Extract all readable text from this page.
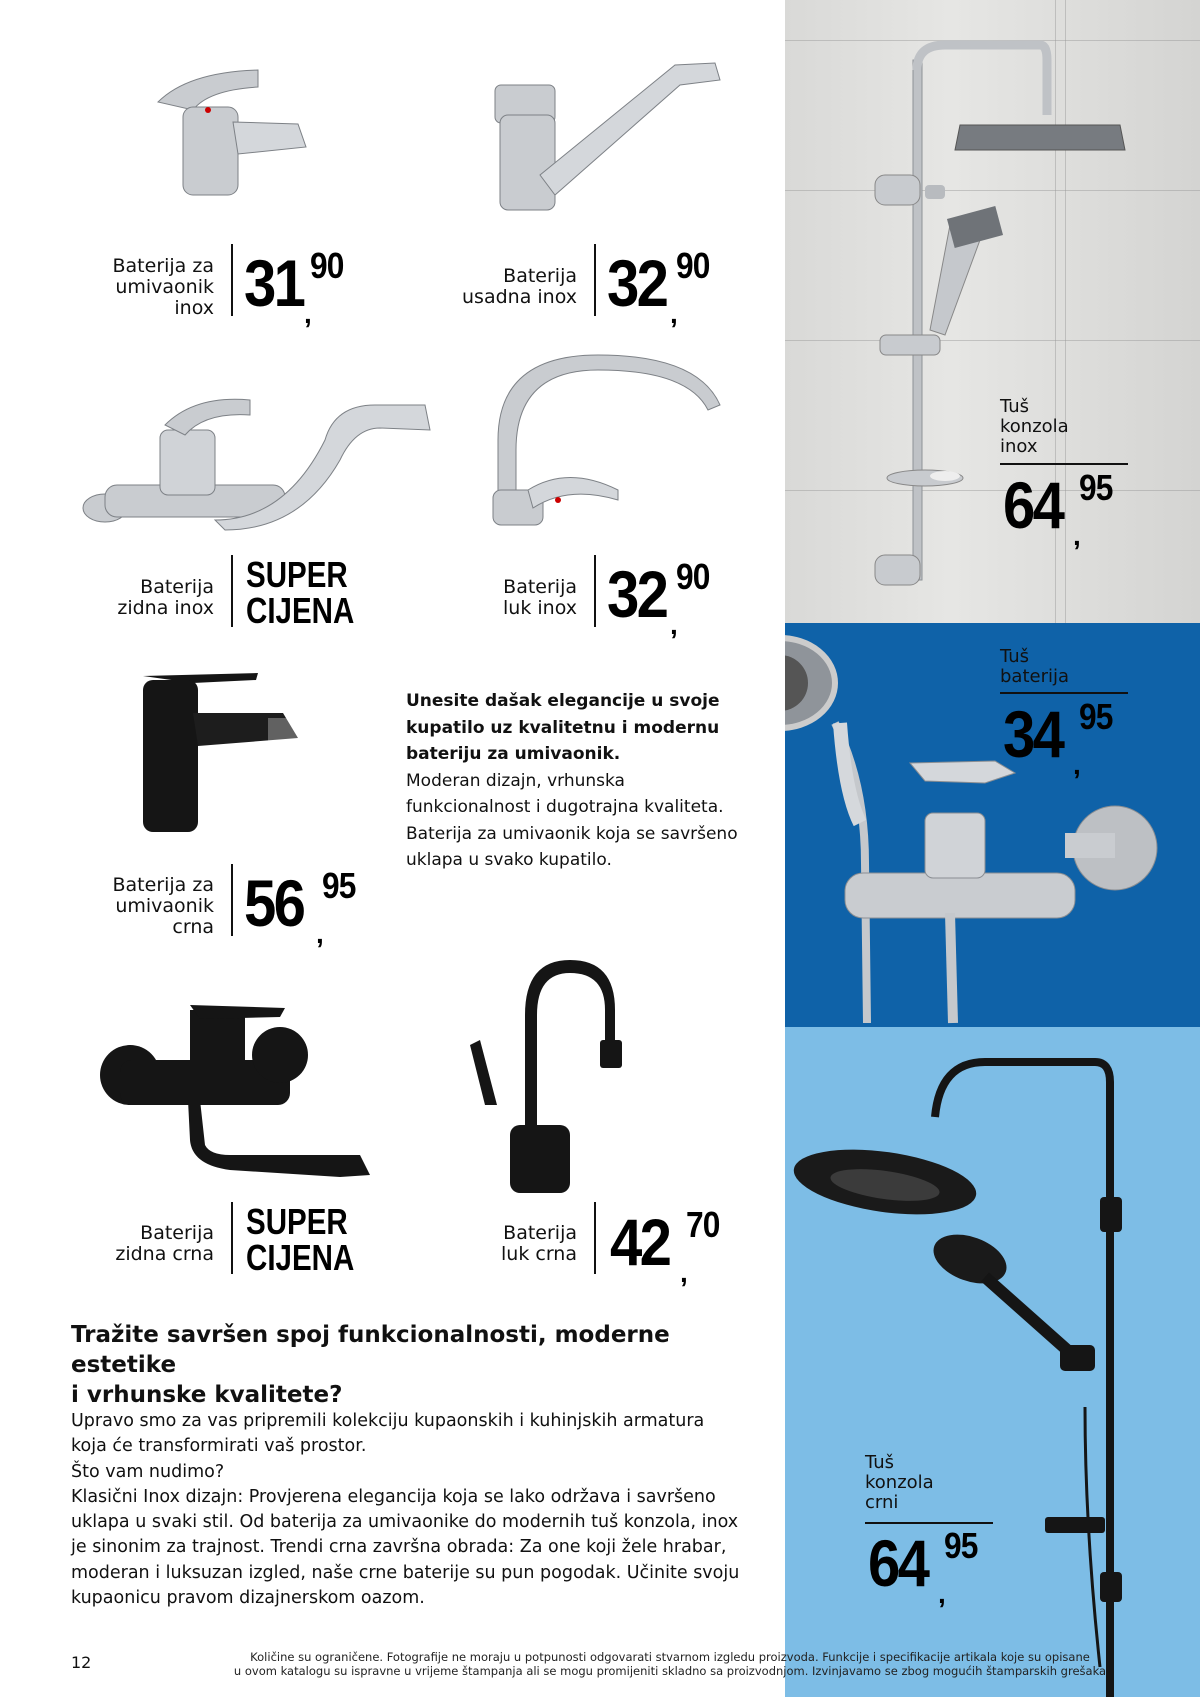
Baterija za
umivaonik
inox 31 90
,
Baterija
usadna inox 32 90
,
Baterija
zidna inox
SUPER
CIJENA
Baterija
luk inox 32 90
,
Baterija za
umivaonik
crna 56 95
,
Baterija
zidna crna
SUPER
CIJENA
Baterija
luk crna 42 70
,
Tuš
konzola
inox
64 95
,
Tuš
baterija
34 95
,
Tuš
konzola
crni
64 95
,
Unesite dašak elegancije u svoje
kupatilo uz kvalitetnu i modernu
bateriju za umivaonik.
Moderan dizajn, vrhunska
funkcionalnost i dugotrajna kvaliteta.
Baterija za umivaonik koja se savršeno
uklapa u svako kupatilo.
Tražite savršen spoj funkcionalnosti, moderne estetike
i vrhunske kvalitete?
Upravo smo za vas pripremili kolekciju kupaonskih i kuhinjskih armatura
koja će transformirati vaš prostor.
Što vam nudimo?
Klasični Inox dizajn: Provjerena elegancija koja se lako održava i savršeno
uklapa u svaki stil. Od baterija za umivaonike do modernih tuš konzola, inox
je sinonim za trajnost. Trendi crna završna obrada: Za one koji žele hrabar,
moderan i luksuzan izgled, naše crne baterije su pun pogodak. Učinite svoju
kupaonicu pravom dizajnerskom oazom.
12	Količine su ograničene. Fotografije ne moraju u potpunosti odgovarati stvarnom izgledu proizvoda. Funkcije i specifikacije artikala koje su opisane
u ovom katalogu su ispravne u vrijeme štampanja ali se mogu promijeniti skladno sa proizvodnjom. Izvinjavamo se zbog mogućih štamparskih grešaka
